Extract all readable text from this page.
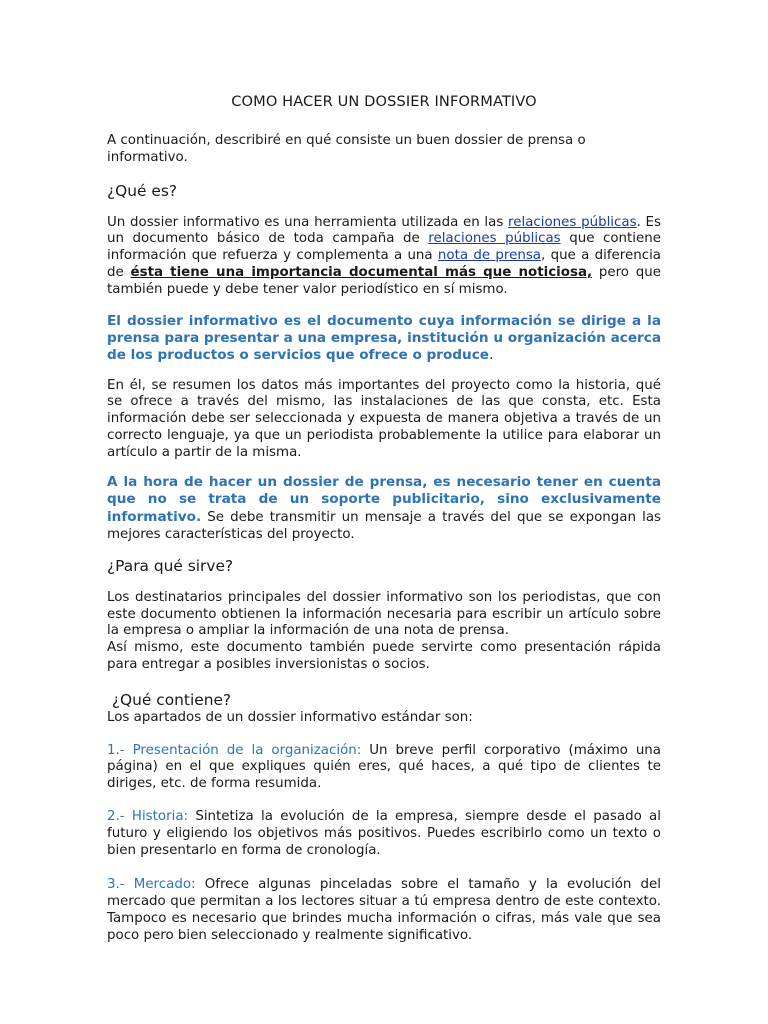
COMO HACER UN DOSSIER INFORMATIVO

A continuación, describiré en qué consiste un buen dossier de prensa o informativo.

¿Qué es?

Un dossier informativo es una herramienta utilizada en las relaciones públicas. Es un documento básico de toda campaña de relaciones públicas que contiene información que refuerza y complementa a una nota de prensa, que a diferencia de ésta tiene una importancia documental más que noticiosa, pero que también puede y debe tener valor periodístico en sí mismo.

El dossier informativo es el documento cuya información se dirige a la prensa para presentar a una empresa, institución u organización acerca de los productos o servicios que ofrece o produce.

En él, se resumen los datos más importantes del proyecto como la historia, qué se ofrece a través del mismo, las instalaciones de las que consta, etc. Esta información debe ser seleccionada y expuesta de manera objetiva a través de un correcto lenguaje, ya que un periodista probablemente la utilice para elaborar un artículo a partir de la misma.

A la hora de hacer un dossier de prensa, es necesario tener en cuenta que no se trata de un soporte publicitario, sino exclusivamente informativo. Se debe transmitir un mensaje a través del que se expongan las mejores características del proyecto.

¿Para qué sirve?

Los destinatarios principales del dossier informativo son los periodistas, que con este documento obtienen la información necesaria para escribir un artículo sobre la empresa o ampliar la información de una nota de prensa.
Así mismo, este documento también puede servirte como presentación rápida para entregar a posibles inversionistas o socios.

¿Qué contiene?

Los apartados de un dossier informativo estándar son:

1.- Presentación de la organización: Un breve perfil corporativo (máximo una página) en el que expliques quién eres, qué haces, a qué tipo de clientes te diriges, etc. de forma resumida.

2.- Historia: Sintetiza la evolución de la empresa, siempre desde el pasado al futuro y eligiendo los objetivos más positivos. Puedes escribirlo como un texto o bien presentarlo en forma de cronología.

3.- Mercado: Ofrece algunas pinceladas sobre el tamaño y la evolución del mercado que permitan a los lectores situar a tú empresa dentro de este contexto. Tampoco es necesario que brindes mucha información o cifras, más vale que sea poco pero bien seleccionado y realmente significativo.
